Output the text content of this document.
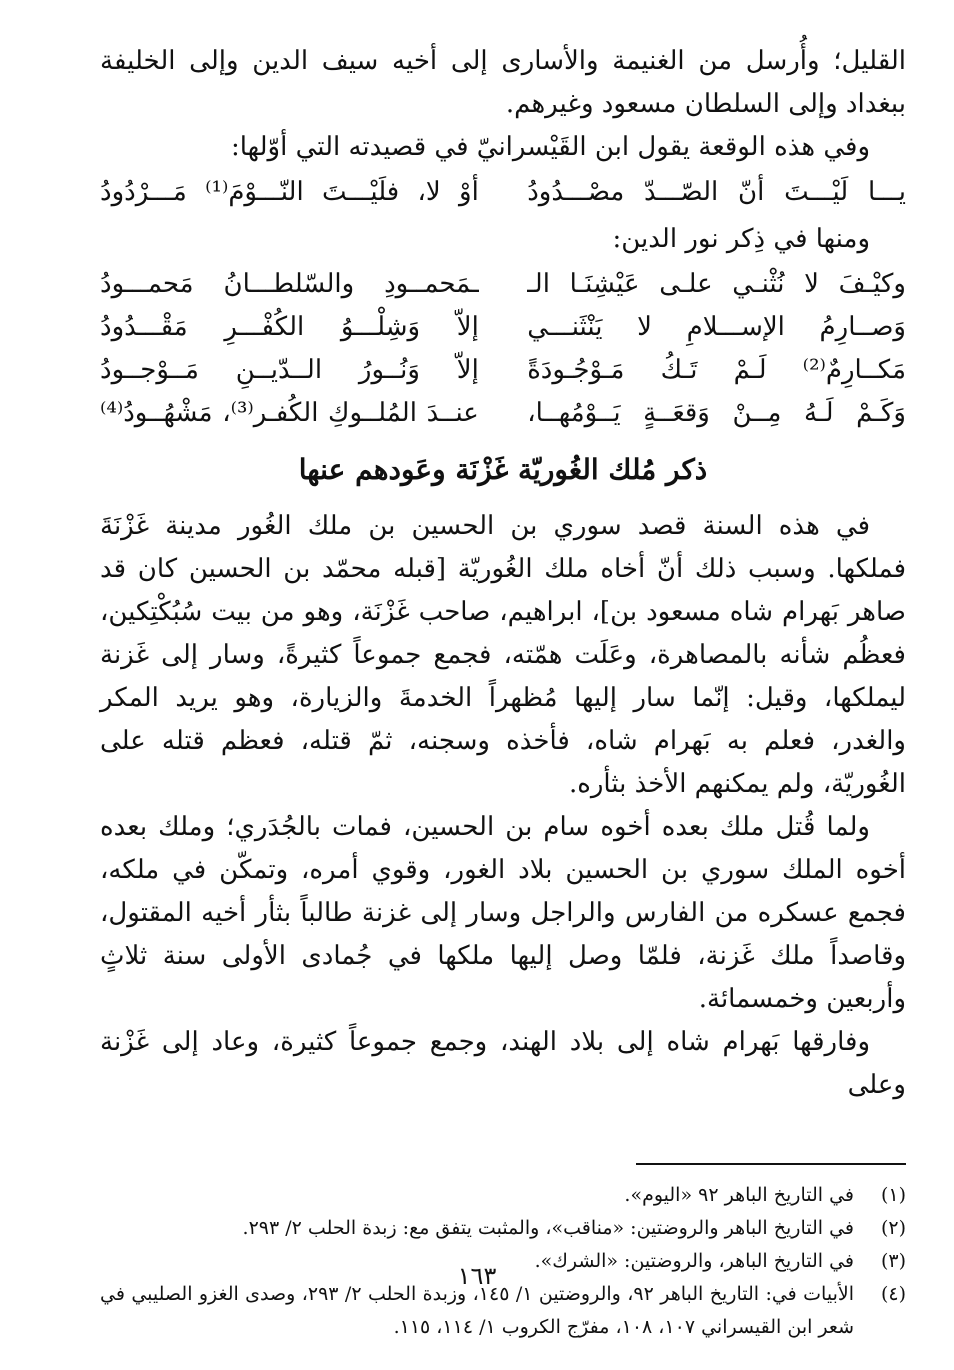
القليل؛ وأُرسل من الغنيمة والأسارى إلى أخيه سيف الدين وإلى الخليفة ببغداد وإلى السلطان مسعود وغيرهم.

وفي هذه الوقعة يقول ابن القَيْسرانيّ في قصيدته التي أوّلها:

يـــا لَيْـــتَ أنّ الصّـــدّ مصْـــدُودُ
أوْ لا، فلَيْـــتَ النّـــوْمَ⁽¹⁾ مَـــرْدُودُ

ومنها في ذِكر نور الدين:

وكيْـفَ لا نُثْنـي علـى عَيْشِنَـا الـ
ـمَحمــودِ والسّلطـــانُ مَحمـــودُ
وَصــارِمُ الإســـلامِ لا يَنْثَنـــي
إلاّ وَشِلْـــوُ الكُفْـــرِ مَقْـــدُودُ
مَكــارِمٌ⁽²⁾ لَـمْ تَـكُ مَـوْجُـودَةً
إلاّ وَنُــورُ الــدّيــنِ مَــوْجــودُ
وَكَـمْ لَـهُ مِــنْ وَقعَــةٍ يَــوْمُهــا،
عنــدَ المُلــوكِ الكُفـر⁽³⁾، مَشْهُــودُ⁽⁴⁾
ذكر مُلك الغُوريّة غَزْنَة وعَودهم عنها

في هذه السنة قصد سوري بن الحسين بن ملك الغُور مدينة غَزْنَةَ فملكها. وسبب ذلك أنّ أخاه ملك الغُوريّة [قبله محمّد بن الحسين كان قد صاهر بَهرام شاه مسعود بن]، ابراهيم، صاحب غَزْنَة، وهو من بيت سُبُكْتِكين، فعظُم شأنه بالمصاهرة، وعَلَت همّته، فجمع جموعاً كثيرةً، وسار إلى غَزنة ليملكها، وقيل: إنّما سار إليها مُظهراً الخدمةَ والزيارة، وهو يريد المكر والغدر، فعلم به بَهرام شاه، فأخذه وسجنه، ثمّ قتله، فعظم قتله على الغُوريّة، ولم يمكنهم الأخذ بثأره.

ولما قُتل ملك بعده أخوه سام بن الحسين، فمات بالجُدَري؛ وملك بعده أخوه الملك سوري بن الحسين بلاد الغور، وقوي أمره، وتمكّن في ملكه، فجمع عسكره من الفارس والراجل وسار إلى غزنة طالباً بثأر أخيه المقتول، وقاصداً ملك غَزنة، فلمّا وصل إليها ملكها في جُمادى الأولى سنة ثلاثٍ وأربعين وخمسمائة.

وفارقها بَهرام شاه إلى بلاد الهند، وجمع جموعاً كثيرة، وعاد إلى غَزْنة وعلى

(١)
في التاريخ الباهر ٩٢ «اليوم».
(٢)
في التاريخ الباهر والروضتين: «مناقب»، والمثبت يتفق مع: زبدة الحلب ٢/ ٢٩٣.
(٣)
في التاريخ الباهر، والروضتين: «الشرك».
(٤)
الأبيات في: التاريخ الباهر ٩٢، والروضتين ١/ ١٤٥، وزبدة الحلب ٢/ ٢٩٣، وصدى الغزو الصليبي في شعر ابن القيسراني ١٠٧، ١٠٨، مفرّج الكروب ١/ ١١٤، ١١٥.
١٦٣
